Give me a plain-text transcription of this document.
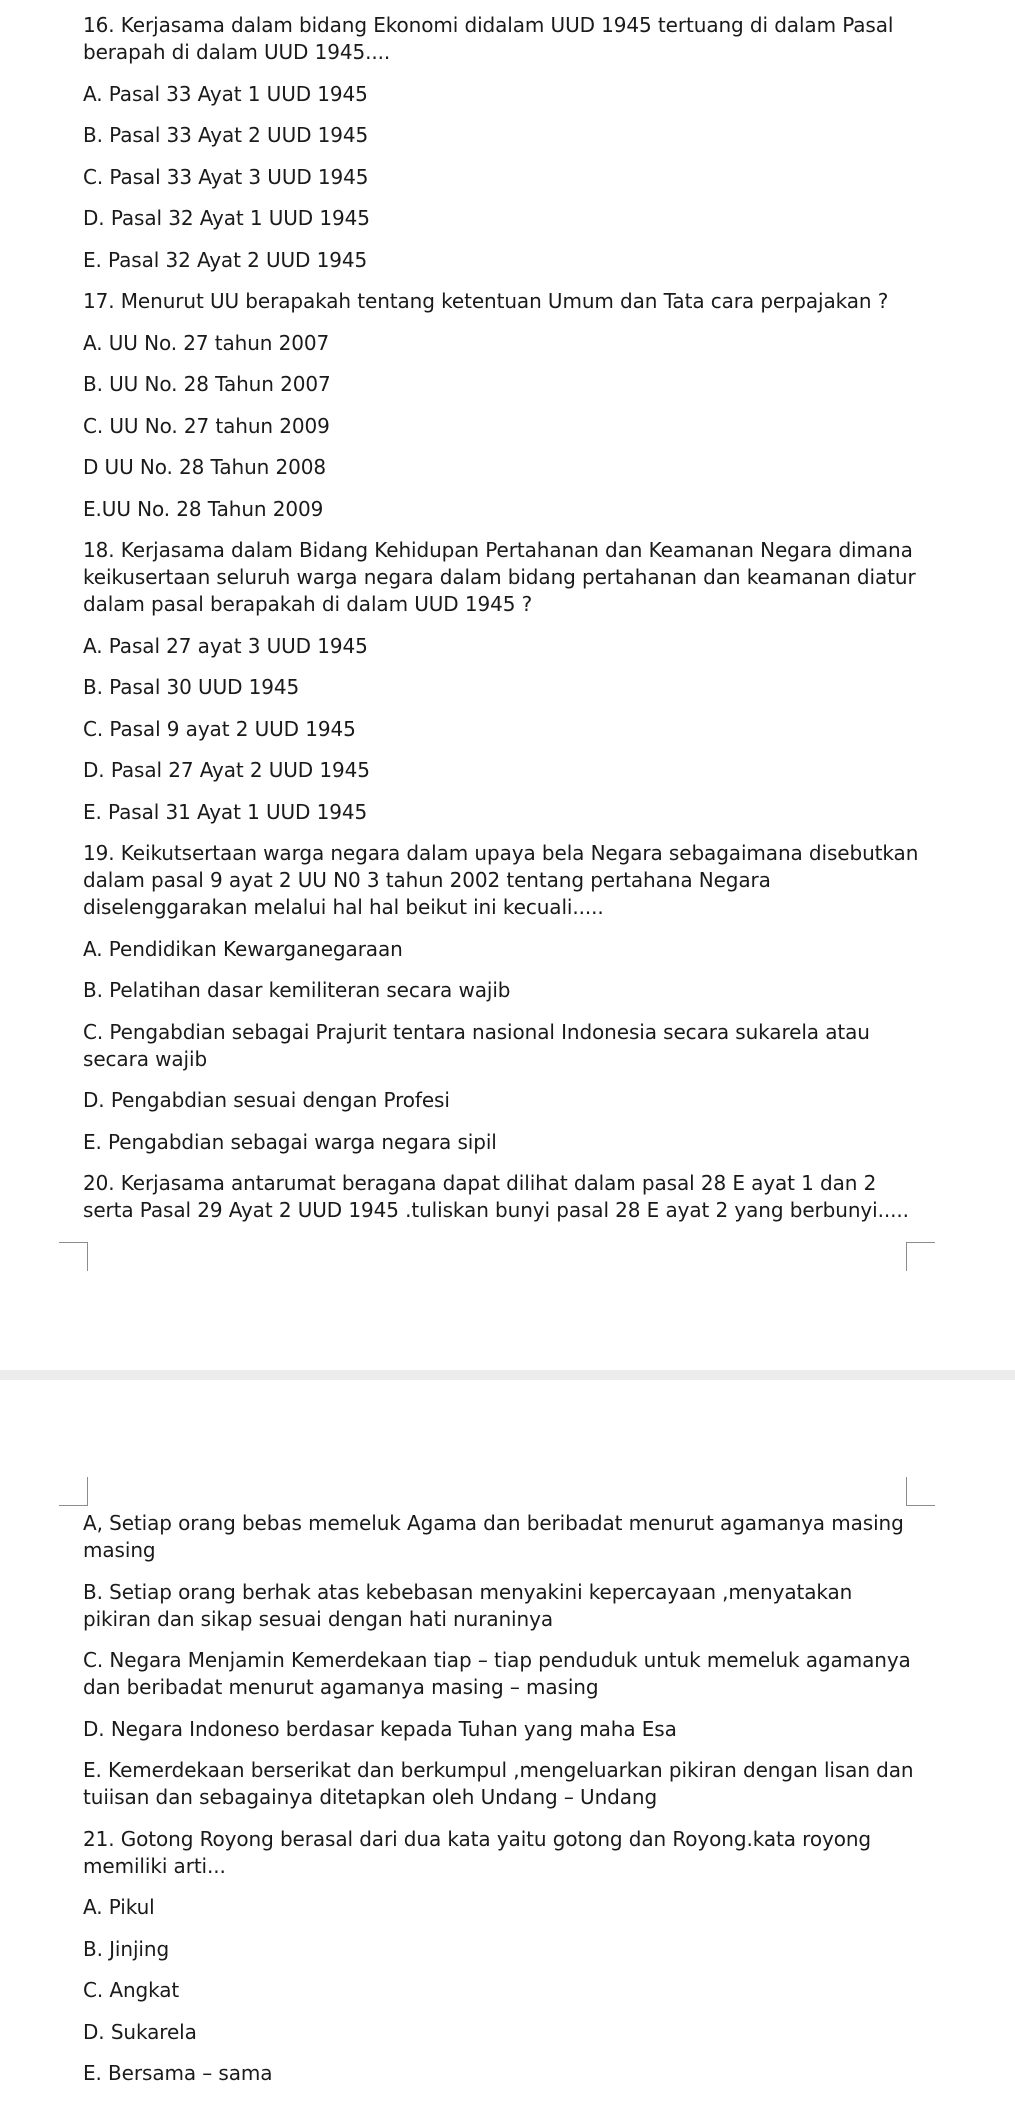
16. Kerjasama dalam bidang Ekonomi didalam UUD 1945 tertuang di dalam Pasal berapah di dalam UUD 1945....

A. Pasal 33 Ayat 1 UUD 1945

B. Pasal 33 Ayat 2 UUD 1945

C. Pasal 33 Ayat 3 UUD 1945

D. Pasal 32 Ayat 1 UUD 1945

E. Pasal 32 Ayat 2 UUD 1945

17. Menurut UU berapakah tentang ketentuan Umum dan Tata cara perpajakan ?

A. UU No. 27 tahun 2007

B. UU No. 28 Tahun 2007

C. UU No. 27 tahun 2009

D UU No. 28 Tahun 2008

E.UU No. 28 Tahun 2009

18. Kerjasama dalam Bidang Kehidupan Pertahanan dan Keamanan Negara dimana keikusertaan seluruh warga negara dalam bidang pertahanan dan keamanan diatur dalam pasal berapakah di dalam UUD 1945 ?

A. Pasal 27 ayat 3 UUD 1945

B. Pasal 30 UUD 1945

C. Pasal 9 ayat 2 UUD 1945

D. Pasal 27 Ayat 2 UUD 1945

E. Pasal 31 Ayat 1 UUD 1945

19. Keikutsertaan warga negara dalam upaya bela Negara sebagaimana disebutkan dalam pasal 9 ayat 2 UU N0 3 tahun 2002 tentang pertahana Negara diselenggarakan melalui hal hal beikut ini kecuali.....

A. Pendidikan Kewarganegaraan

B. Pelatihan dasar kemiliteran secara wajib

C. Pengabdian sebagai Prajurit tentara nasional Indonesia secara sukarela atau secara wajib

D. Pengabdian sesuai dengan Profesi

E. Pengabdian sebagai warga negara sipil

20. Kerjasama antarumat beragana dapat dilihat dalam pasal 28 E ayat 1 dan 2 serta Pasal 29 Ayat 2 UUD 1945 .tuliskan bunyi pasal 28 E ayat 2 yang berbunyi.....

A, Setiap orang bebas memeluk Agama dan beribadat menurut agamanya masing masing

B. Setiap orang berhak atas kebebasan menyakini kepercayaan ,menyatakan pikiran dan sikap sesuai dengan hati nuraninya

C. Negara Menjamin Kemerdekaan tiap – tiap penduduk untuk memeluk agamanya dan beribadat menurut agamanya masing – masing

D. Negara Indoneso berdasar kepada Tuhan yang maha Esa

E. Kemerdekaan berserikat dan berkumpul ,mengeluarkan pikiran dengan lisan dan tuiisan dan sebagainya ditetapkan oleh Undang – Undang

21. Gotong Royong berasal dari dua kata yaitu gotong dan Royong.kata royong memiliki arti...

A. Pikul

B. Jinjing

C. Angkat

D. Sukarela

E. Bersama – sama
